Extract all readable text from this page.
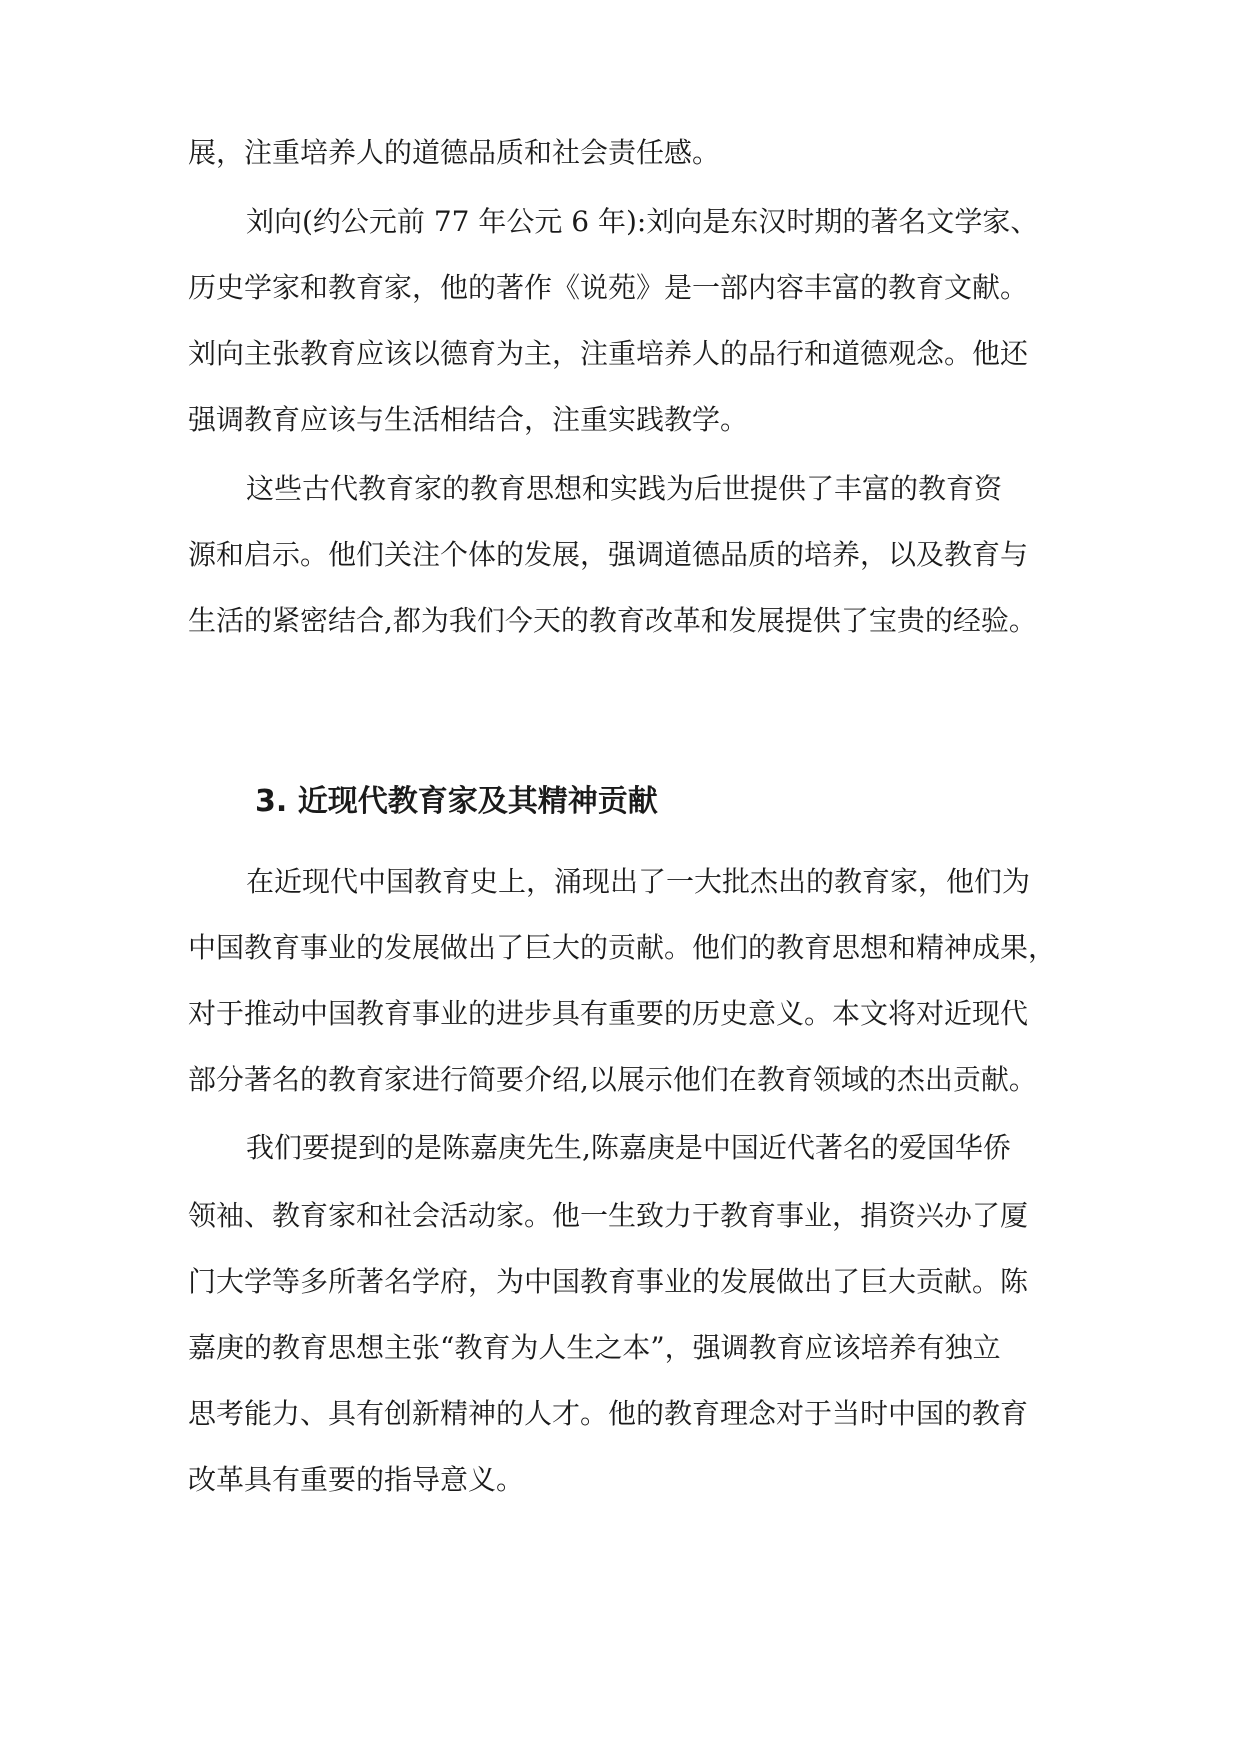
展，注重培养人的道德品质和社会责任感。

刘向(约公元前 77 年公元 6 年):刘向是东汉时期的著名文学家、

历史学家和教育家，他的著作《说苑》是一部内容丰富的教育文献。

刘向主张教育应该以德育为主，注重培养人的品行和道德观念。他还

强调教育应该与生活相结合，注重实践教学。

这些古代教育家的教育思想和实践为后世提供了丰富的教育资

源和启示。他们关注个体的发展，强调道德品质的培养，以及教育与

生活的紧密结合,都为我们今天的教育改革和发展提供了宝贵的经验。

3. 近现代教育家及其精神贡献

在近现代中国教育史上，涌现出了一大批杰出的教育家，他们为

中国教育事业的发展做出了巨大的贡献。他们的教育思想和精神成果，

对于推动中国教育事业的进步具有重要的历史意义。本文将对近现代

部分著名的教育家进行简要介绍,以展示他们在教育领域的杰出贡献。

我们要提到的是陈嘉庚先生,陈嘉庚是中国近代著名的爱国华侨

领袖、教育家和社会活动家。他一生致力于教育事业，捐资兴办了厦

门大学等多所著名学府，为中国教育事业的发展做出了巨大贡献。陈

嘉庚的教育思想主张“教育为人生之本”，强调教育应该培养有独立

思考能力、具有创新精神的人才。他的教育理念对于当时中国的教育

改革具有重要的指导意义。
